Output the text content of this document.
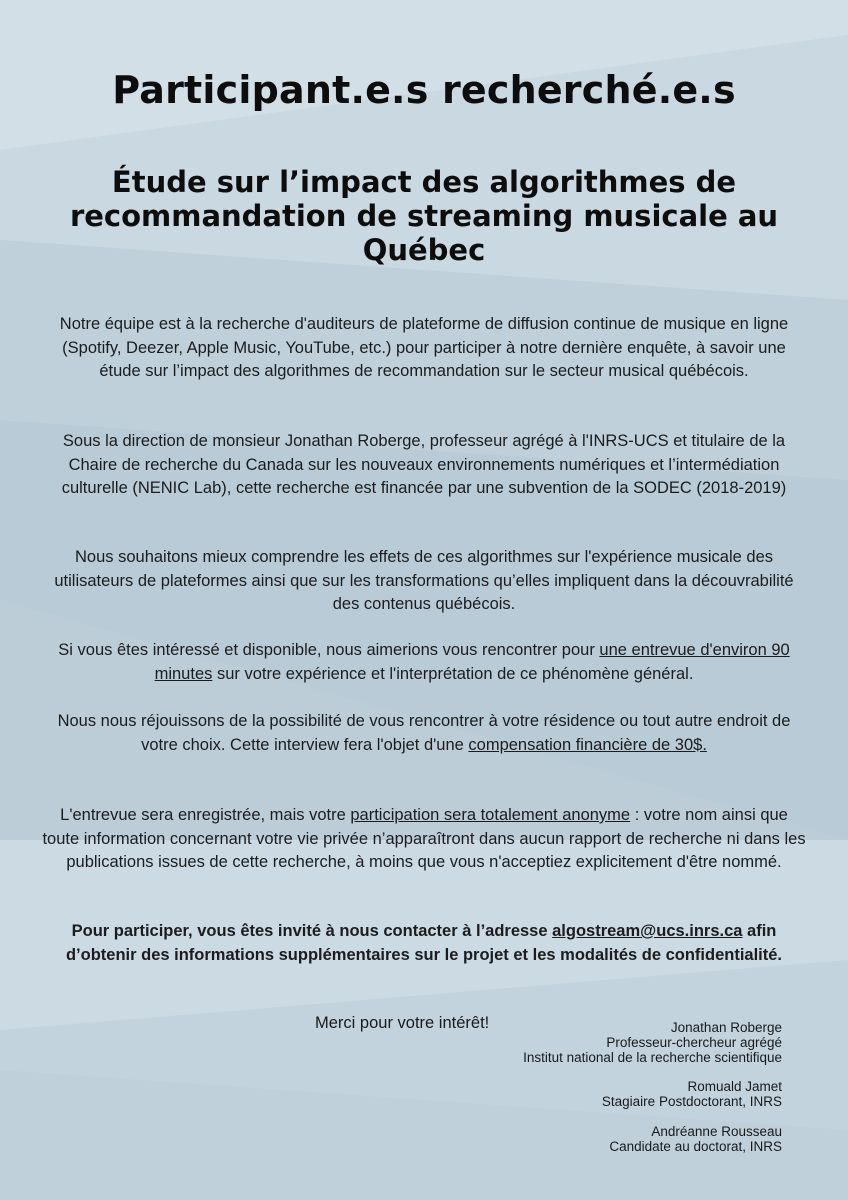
Participant.e.s recherché.e.s
Étude sur l’impact des algorithmes de recommandation de streaming musicale au Québec

Notre équipe est à la recherche d'auditeurs de plateforme de diffusion continue de musique en ligne (Spotify, Deezer, Apple Music, YouTube, etc.) pour participer à notre dernière enquête, à savoir une étude sur l’impact des algorithmes de recommandation sur le secteur musical québécois.

Sous la direction de monsieur Jonathan Roberge, professeur agrégé à l'INRS-UCS et titulaire de la Chaire de recherche du Canada sur les nouveaux environnements numériques et l’intermédiation culturelle (NENIC Lab), cette recherche est financée par une subvention de la SODEC (2018-2019)

Nous souhaitons mieux comprendre les effets de ces algorithmes sur l'expérience musicale des utilisateurs de plateformes ainsi que sur les transformations qu’elles impliquent dans la découvrabilité des contenus québécois.

Si vous êtes intéressé et disponible, nous aimerions vous rencontrer pour une entrevue d'environ 90 minutes sur votre expérience et l'interprétation de ce phénomène général.

Nous nous réjouissons de la possibilité de vous rencontrer à votre résidence ou tout autre endroit de votre choix. Cette interview fera l'objet d'une compensation financière de 30$.

L'entrevue sera enregistrée, mais votre participation sera totalement anonyme : votre nom ainsi que toute information concernant votre vie privée n’apparaîtront dans aucun rapport de recherche ni dans les publications issues de cette recherche, à moins que vous n'acceptiez explicitement d'être nommé.

Pour participer, vous êtes invité à nous contacter à l’adresse algostream@ucs.inrs.ca afin d’obtenir des informations supplémentaires sur le projet et les modalités de confidentialité.

Merci pour votre intérêt!	Jonathan Roberge
Professeur-chercheur agrégé
Institut national de la recherche scientifique
Romuald Jamet
Stagiaire Postdoctorant, INRS
Andréanne Rousseau
Candidate au doctorat, INRS
